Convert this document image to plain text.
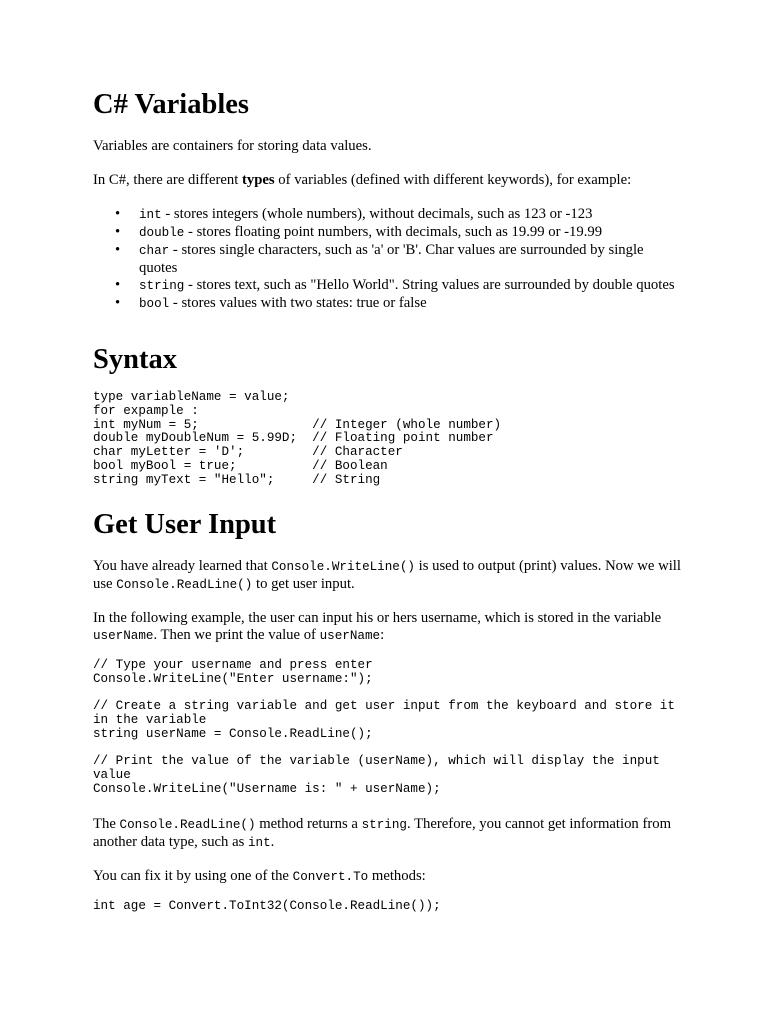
C# Variables

Variables are containers for storing data values.

In C#, there are different types of variables (defined with different keywords), for example:

• int - stores integers (whole numbers), without decimals, such as 123 or -123
• double - stores floating point numbers, with decimals, such as 19.99 or -19.99
• char - stores single characters, such as 'a' or 'B'. Char values are surrounded by single quotes
• string - stores text, such as "Hello World". String values are surrounded by double quotes
• bool - stores values with two states: true or false
Syntax
type variableName = value;
for expample :
int myNum = 5;               // Integer (whole number)
double myDoubleNum = 5.99D;  // Floating point number
char myLetter = 'D';         // Character
bool myBool = true;          // Boolean
string myText = "Hello";     // String
Get User Input

You have already learned that Console.WriteLine() is used to output (print) values. Now we will use Console.ReadLine() to get user input.

In the following example, the user can input his or hers username, which is stored in the variable userName. Then we print the value of userName:

// Type your username and press enter
Console.WriteLine("Enter username:");
// Create a string variable and get user input from the keyboard and store it in the variable
string userName = Console.ReadLine();
// Print the value of the variable (userName), which will display the input value
Console.WriteLine("Username is: " + userName);

The Console.ReadLine() method returns a string. Therefore, you cannot get information from another data type, such as int.

You can fix it by using one of the Convert.To methods:

int age = Convert.ToInt32(Console.ReadLine());
